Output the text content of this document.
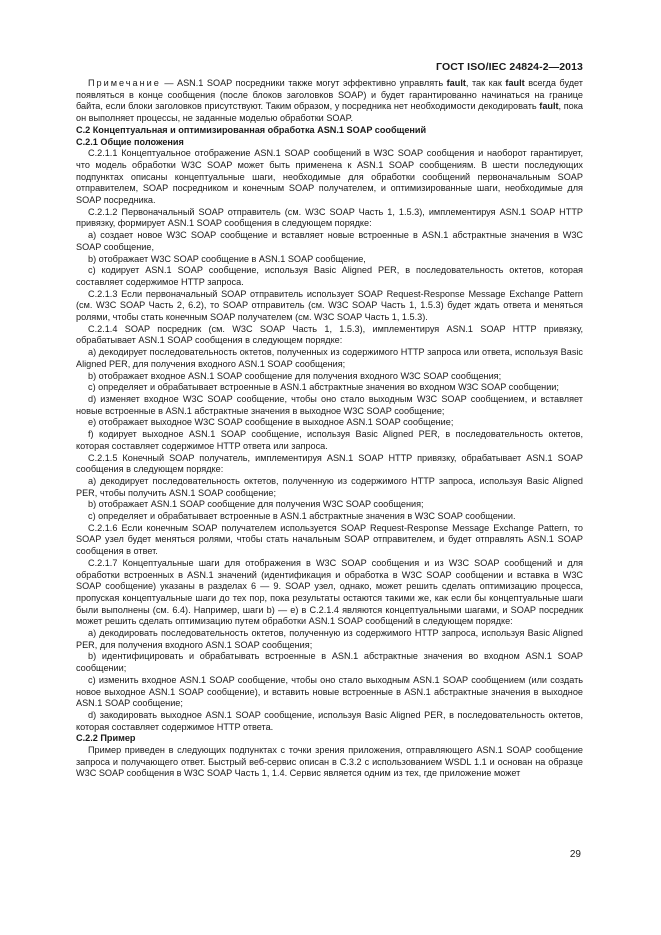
ГОСТ ISO/IEC 24824-2—2013

Примечание — ASN.1 SOAP посредники также могут эффективно управлять fault, так как fault всегда будет появляться в конце сообщения (после блоков заголовков SOAP) и будет гарантированно начинаться на границе байта, если блоки заголовков присутствуют. Таким образом, у посредника нет необходимости декодировать fault, пока он выполняет процессы, не заданные моделью обработки SOAP.

С.2 Концептуальная и оптимизированная обработка ASN.1 SOAP сообщений

С.2.1 Общие положения

С.2.1.1 Концептуальное отображение ASN.1 SOAP сообщений в W3C SOAP сообщения и наоборот гарантирует, что модель обработки W3C SOAP может быть применена к ASN.1 SOAP сообщениям. В шести последующих подпунктах описаны концептуальные шаги, необходимые для обработки сообщений первоначальным SOAP отправителем, SOAP посредником и конечным SOAP получателем, и оптимизированные шаги, необходимые для SOAP посредника.

С.2.1.2 Первоначальный SOAP отправитель (см. W3C SOAP Часть 1, 1.5.3), имплементируя ASN.1 SOAP HTTP привязку, формирует ASN.1 SOAP сообщения в следующем порядке:

a) создает новое W3C SOAP сообщение и вставляет новые встроенные в ASN.1 абстрактные значения в W3C SOAP сообщение,

b) отображает W3C SOAP сообщение в ASN.1 SOAP сообщение,

c) кодирует ASN.1 SOAP сообщение, используя Basic Aligned PER, в последовательность октетов, которая составляет содержимое HTTP запроса.

С.2.1.3 Если первоначальный SOAP отправитель использует SOAP Request-Response Message Exchange Pattern (см. W3C SOAP Часть 2, 6.2), то SOAP отправитель (см. W3C SOAP Часть 1, 1.5.3) будет ждать ответа и меняться ролями, чтобы стать конечным SOAP получателем (см. W3C SOAP Часть 1, 1.5.3).

С.2.1.4 SOAP посредник (см. W3C SOAP Часть 1, 1.5.3), имплементируя ASN.1 SOAP HTTP привязку, обрабатывает ASN.1 SOAP сообщения в следующем порядке:

a) декодирует последовательность октетов, полученных из содержимого HTTP запроса или ответа, используя Basic Aligned PER, для получения входного ASN.1 SOAP сообщения;

b) отображает входное ASN.1 SOAP сообщение для получения входного W3C SOAP сообщения;

c) определяет и обрабатывает встроенные в ASN.1 абстрактные значения во входном W3C SOAP сообщении;

d) изменяет входное W3C SOAP сообщение, чтобы оно стало выходным W3C SOAP сообщением, и вставляет новые встроенные в ASN.1 абстрактные значения в выходное W3C SOAP сообщение;

e) отображает выходное W3C SOAP сообщение в выходное ASN.1 SOAP сообщение;

f) кодирует выходное ASN.1 SOAP сообщение, используя Basic Aligned PER, в последовательность октетов, которая составляет содержимое HTTP ответа или запроса.

С.2.1.5 Конечный SOAP получатель, имплементируя ASN.1 SOAP HTTP привязку, обрабатывает ASN.1 SOAP сообщения в следующем порядке:

a) декодирует последовательность октетов, полученную из содержимого HTTP запроса, используя Basic Aligned PER, чтобы получить ASN.1 SOAP сообщение;

b) отображает ASN.1 SOAP сообщение для получения W3C SOAP сообщения;

c) определяет и обрабатывает встроенные в ASN.1 абстрактные значения в W3C SOAP сообщении.

С.2.1.6 Если конечным SOAP получателем используется SOAP Request-Response Message Exchange Pattern, то SOAP узел будет меняться ролями, чтобы стать начальным SOAP отправителем, и будет отправлять ASN.1 SOAP сообщения в ответ.

С.2.1.7 Концептуальные шаги для отображения в W3C SOAP сообщения и из W3C SOAP сообщений и для обработки встроенных в ASN.1 значений (идентификация и обработка в W3C SOAP сообщении и вставка в W3C SOAP сообщение) указаны в разделах 6 — 9. SOAP узел, однако, может решить сделать оптимизацию процесса, пропуская концептуальные шаги до тех пор, пока результаты остаются такими же, как если бы концептуальные шаги были выполнены (см. 6.4). Например, шаги b) — e) в С.2.1.4 являются концептуальными шагами, и SOAP посредник может решить сделать оптимизацию путем обработки ASN.1 SOAP сообщений в следующем порядке:

a) декодировать последовательность октетов, полученную из содержимого HTTP запроса, используя Basic Aligned PER, для получения входного ASN.1 SOAP сообщения;

b) идентифицировать и обрабатывать встроенные в ASN.1 абстрактные значения во входном ASN.1 SOAP сообщении;

c) изменить входное ASN.1 SOAP сообщение, чтобы оно стало выходным ASN.1 SOAP сообщением (или создать новое выходное ASN.1 SOAP сообщение), и вставить новые встроенные в ASN.1 абстрактные значения в выходное ASN.1 SOAP сообщение;

d) закодировать выходное ASN.1 SOAP сообщение, используя Basic Aligned PER, в последовательность октетов, которая составляет содержимое HTTP ответа.

С.2.2 Пример

Пример приведен в следующих подпунктах с точки зрения приложения, отправляющего ASN.1 SOAP сообщение запроса и получающего ответ. Быстрый веб-сервис описан в С.3.2 с использованием WSDL 1.1 и основан на образце W3C SOAP сообщения в W3C SOAP Часть 1, 1.4. Сервис является одним из тех, где приложение может

29
